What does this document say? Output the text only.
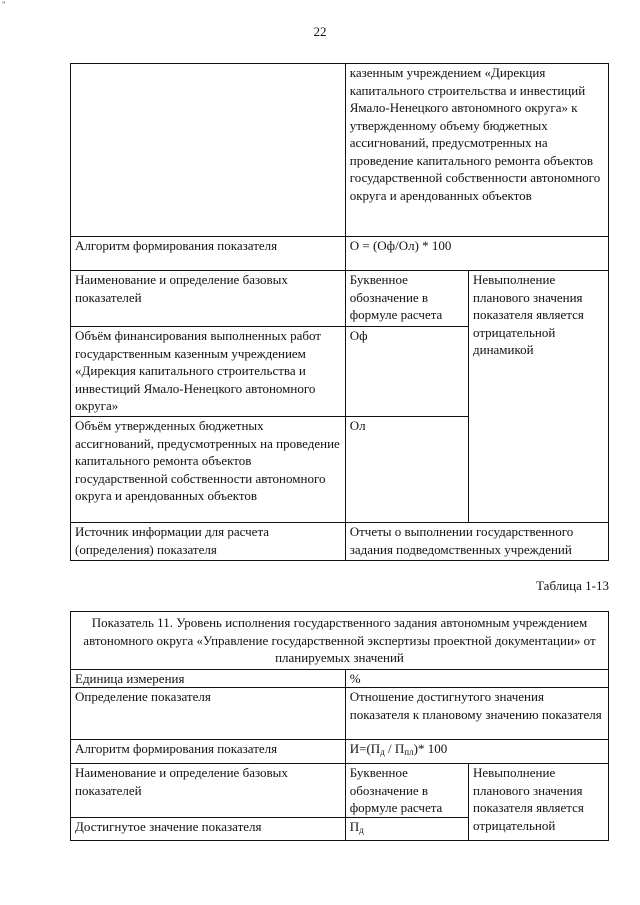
"
22
	казенным учреждением «Дирекция капитального строительства и инвестиций Ямало-Ненецкого автономного округа» к утвержденному объему бюджетных ассигнований, предусмотренных на проведение капитального ремонта объектов государственной собственности автономного округа и арендованных объектов	
Алгоритм формирования показателя	О = (Оф/Ол) * 100	
Наименование и определение базовых показателей	Буквенное обозначение в формуле расчета	Невыполнение планового значения показателя является отрицательной динамикой
Объём финансирования выполненных работ государственным казенным учреждением «Дирекция капитального строительства и инвестиций Ямало-Ненецкого автономного округа»	Оф	
Объём утвержденных бюджетных ассигнований, предусмотренных на проведение капитального ремонта объектов государственной собственности автономного округа и арендованных объектов	Ол	
Источник информации для расчета (определения) показателя	Отчеты о выполнении государственного задания подведомственных учреждений	
Таблица 1-13
Показатель 11. Уровень исполнения государственного задания автономным учреждением автономного округа «Управление государственной экспертизы проектной документации» от планируемых значений		
Единица измерения	%	
Определение показателя	Отношение достигнутого значения показателя к плановому значению показателя	
Алгоритм формирования показателя	$И=(П_д / П_{пл})*$ 100	
Наименование и определение базовых показателей	Буквенное обозначение в формуле расчета	Невыполнение планового значения показателя является отрицательной
Достигнутое значение показателя	$П_д$
